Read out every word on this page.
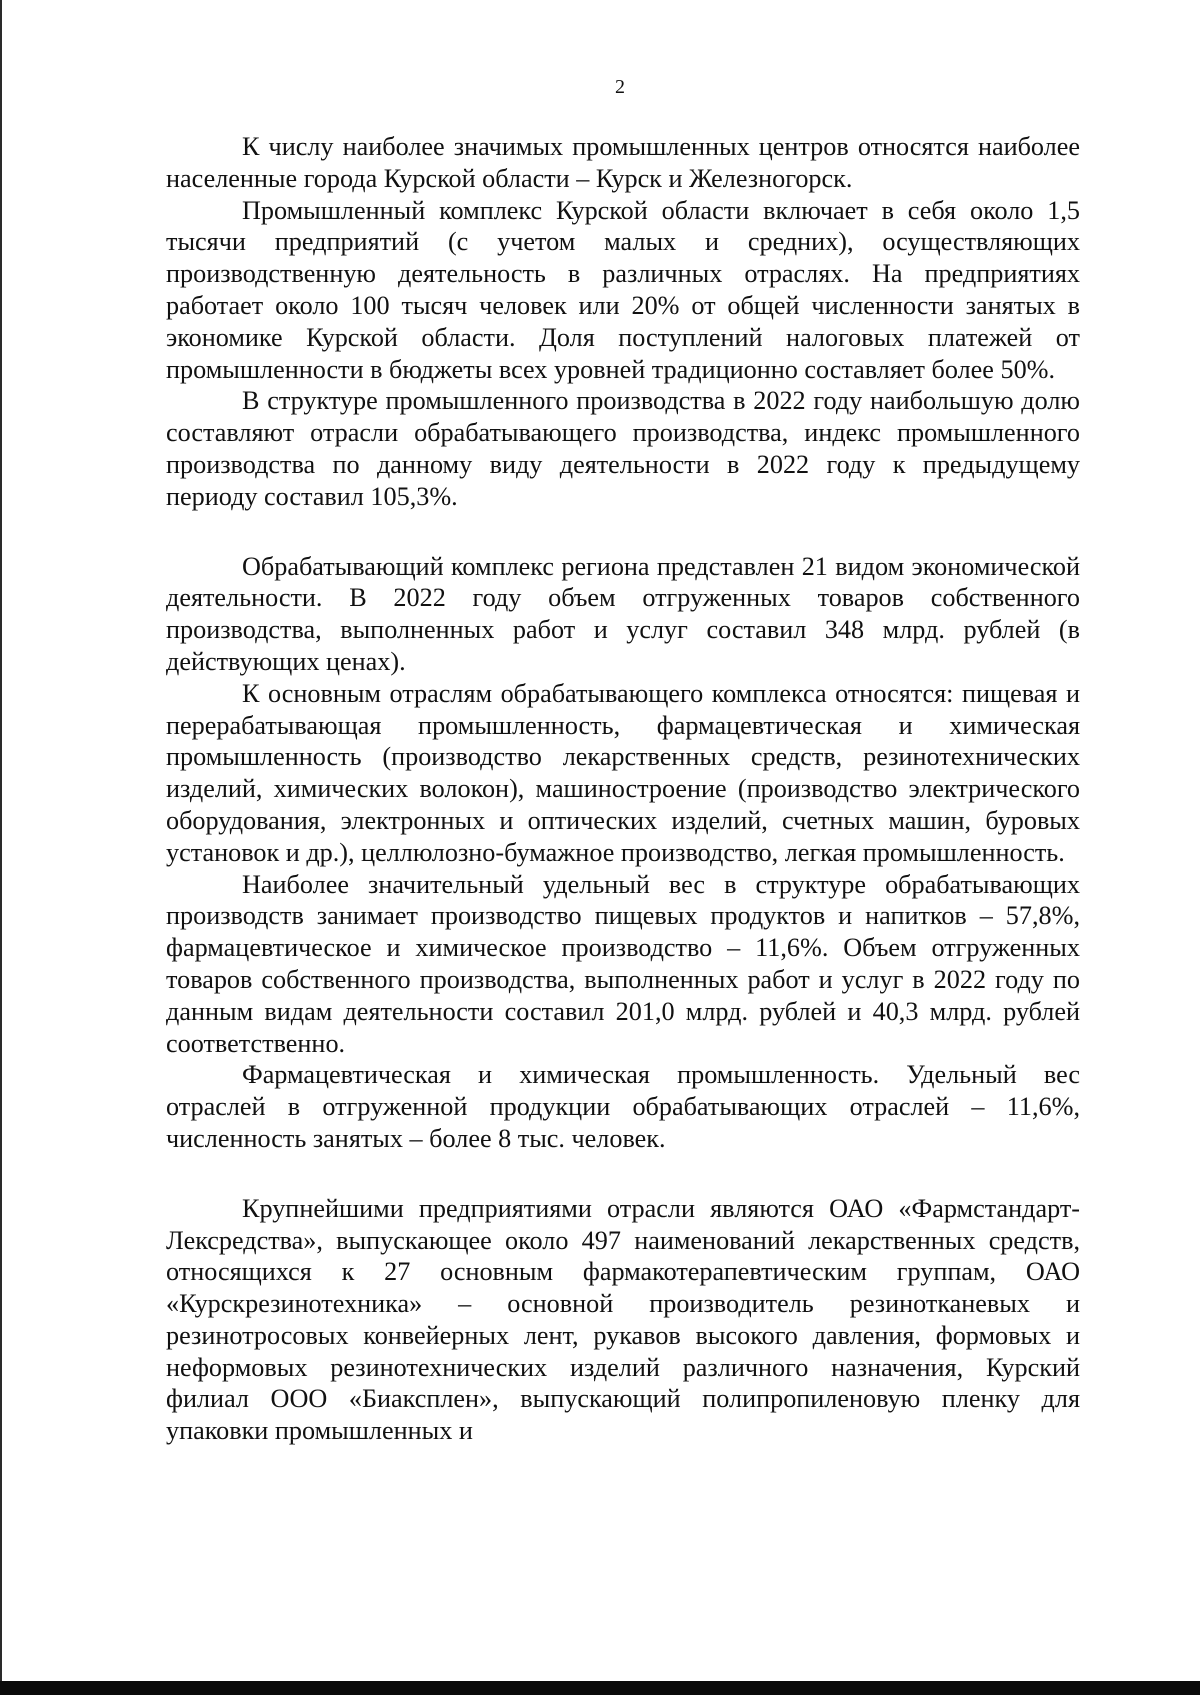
2

К числу наиболее значимых промышленных центров относятся наиболее населенные города Курской области – Курск и Железногорск.

Промышленный комплекс Курской области включает в себя около 1,5 тысячи предприятий (с учетом малых и средних), осуществляющих производственную деятельность в различных отраслях. На предприятиях работает около 100 тысяч человек или 20% от общей численности занятых в экономике Курской области. Доля поступлений налоговых платежей от промышленности в бюджеты всех уровней традиционно составляет более 50%.

В структуре промышленного производства в 2022 году наибольшую долю составляют отрасли обрабатывающего производства, индекс промышленного производства по данному виду деятельности в 2022 году к предыдущему периоду составил 105,3%.

Обрабатывающий комплекс региона представлен 21 видом экономической деятельности. В 2022 году объем отгруженных товаров собственного производства, выполненных работ и услуг составил 348 млрд. рублей (в действующих ценах).

К основным отраслям обрабатывающего комплекса относятся: пищевая и перерабатывающая промышленность, фармацевтическая и химическая промышленность (производство лекарственных средств, резинотехнических изделий, химических волокон), машиностроение (производство электрического оборудования, электронных и оптических изделий, счетных машин, буровых установок и др.), целлюлозно-бумажное производство, легкая промышленность.

Наиболее значительный удельный вес в структуре обрабатывающих производств занимает производство пищевых продуктов и напитков – 57,8%, фармацевтическое и химическое производство – 11,6%. Объем отгруженных товаров собственного производства, выполненных работ и услуг в 2022 году по данным видам деятельности составил 201,0 млрд. рублей и 40,3 млрд. рублей соответственно.

Фармацевтическая и химическая промышленность. Удельный вес отраслей в отгруженной продукции обрабатывающих отраслей – 11,6%, численность занятых – более 8 тыс. человек.

Крупнейшими предприятиями отрасли являются ОАО «Фармстандарт-Лексредства», выпускающее около 497 наименований лекарственных средств, относящихся к 27 основным фармакотерапевтическим группам, ОАО «Курскрезинотехника» – основной производитель резинотканевых и резинотросовых конвейерных лент, рукавов высокого давления, формовых и неформовых резинотехнических изделий различного назначения, Курский филиал ООО «Биаксплен», выпускающий полипропиленовую пленку для упаковки промышленных и
